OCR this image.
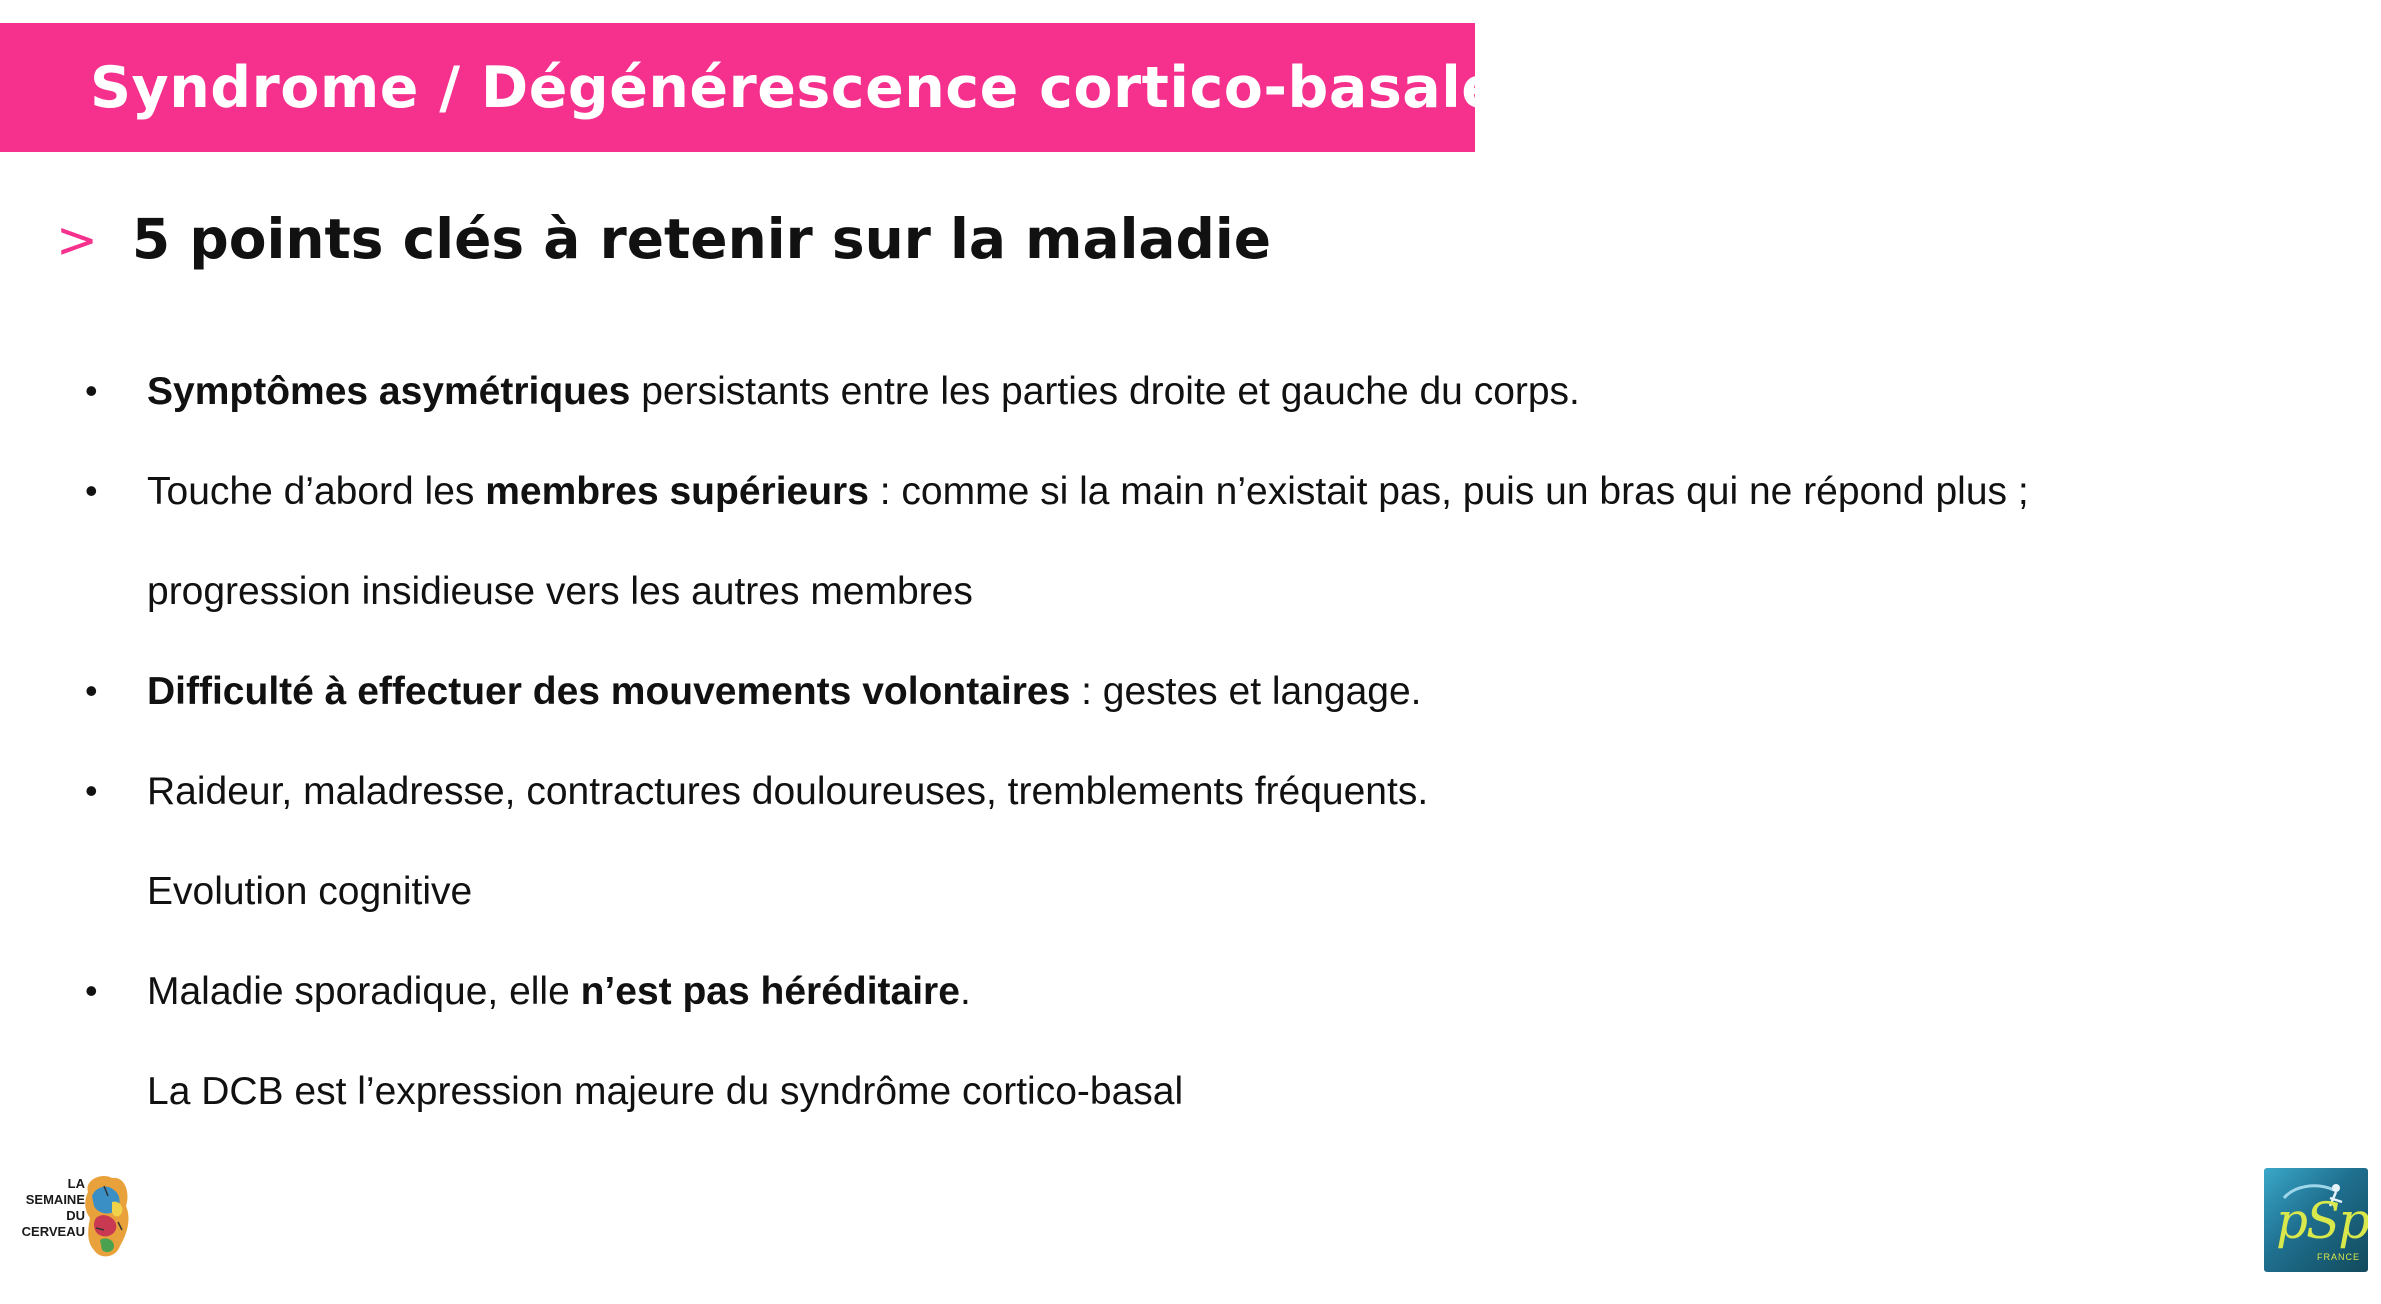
Syndrome / Dégénérescence cortico-basale
> 5 points clés à retenir sur la maladie
• Symptômes asymétriques persistants entre les parties droite et gauche du corps.
• Touche d’abord les membres supérieurs : comme si la main n’existait pas, puis un bras qui ne répond plus ;
progression insidieuse vers les autres membres
• Difficulté à effectuer des mouvements volontaires : gestes et langage.
• Raideur, maladresse, contractures douloureuses, tremblements fréquents.
Evolution cognitive
• Maladie sporadique, elle n’est pas héréditaire.
La DCB est l’expression majeure du syndrôme cortico-basal
LA
SEMAINE
DU
CERVEAU	pSp
FRANCE
